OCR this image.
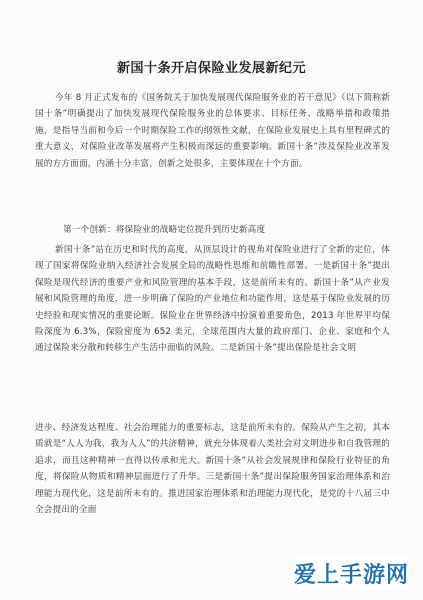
新国十条开启保险业发展新纪元

今年 8 月正式发布的《国务院关于加快发展现代保险服务业的若干意见》（以下简称新国十条”明确提出了加快发展现代保险服务业的总体要求、目标任务、战略举措和政策措施，是指导当前和今后一个时期保险工作的纲领性文献，在保险业发展史上具有里程碑式的重大意义，对保险业改革发展将产生积极而深远的重要影响。新国十条”涉及保险业改革发展的方方面面，内涵十分丰富，创新之处很多，主要体现在十个方面。

第一个创新：将保险业的战略定位提升到历史新高度

新国十条”站在历史和时代的高度，从顶层设计的视角对保险业进行了全新的定位，体现了国家将保险业纳入经济社会发展全局的战略性思维和前瞻性部署。一是新国十条”提出保险是现代经济的重要产业和风险管理的基本手段，这是前所未有的。新国十条”从产业发展和风险管理的角度，进一步明确了保险的产业地位和功能作用，这是基于保险业发展的历史经验和现实情况的重要论断。保险业在世界经济中扮演着重要角色，2013 年世界平均保险深度为 6.3%，保险密度为 652 美元，全球范围内大量的政府部门、企业、家庭和个人通过保险来分散和转移生产生活中面临的风险。二是新国十条”提出保险是社会文明

进步、经济发达程度、社会治理能力的重要标志，这是前所未有的。保险从产生之初，其本质就是“人人为我，我为人人”的共济精神，就充分体现着人类社会对文明进步和自我管理的追求，而且这种精神一直得以传承和光大。新国十条”从社会发展规律和保险行业特征的角度，将保险从物质和精神层面进行了升华。三是新国十条”提出保险服务国家治理体系和治理能力现代化，这是前所未有的。推进国家治理体系和治理能力现代化，是党的十八届三中全会提出的全面

爱上手游网
